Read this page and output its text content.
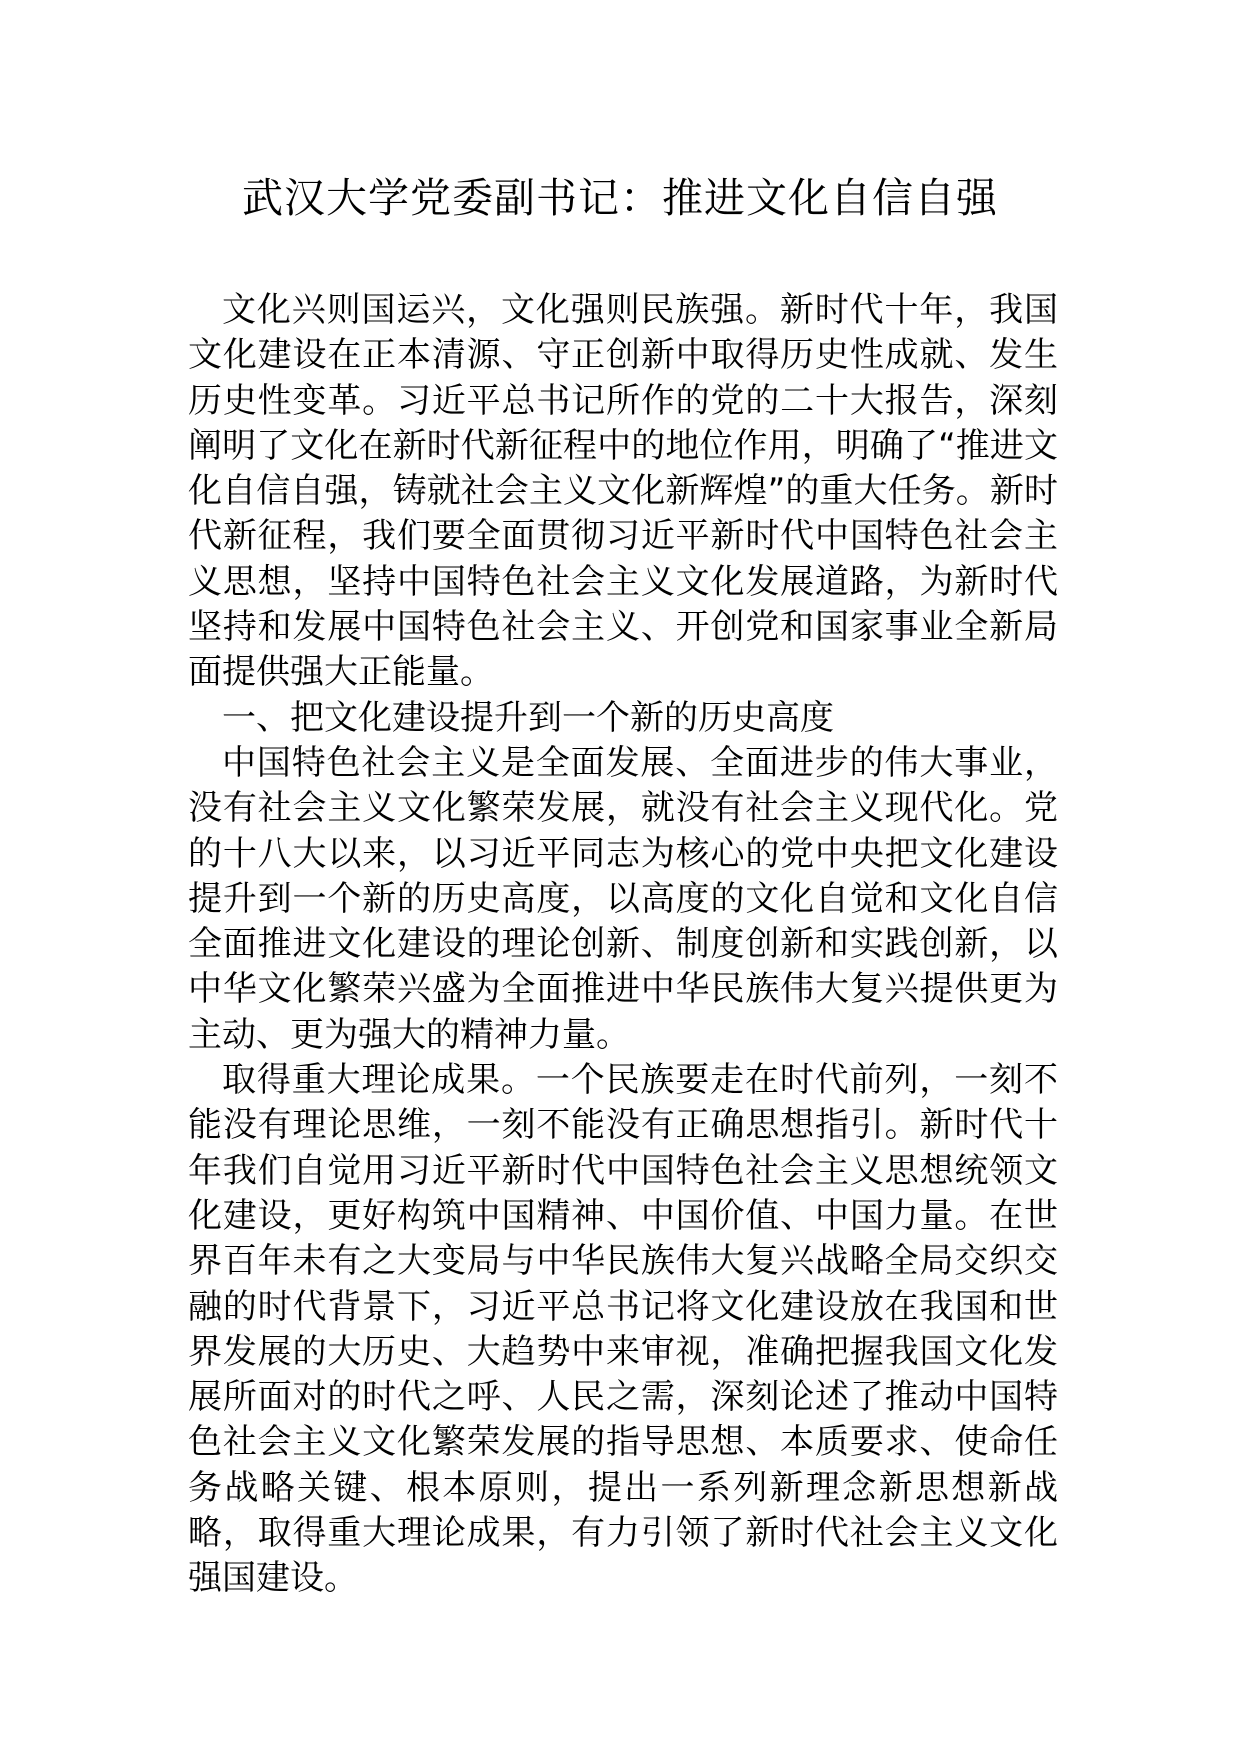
武汉大学党委副书记：推进文化自信自强

文化兴则国运兴，文化强则民族强。新时代十年，我国文化建设在正本清源、守正创新中取得历史性成就、发生历史性变革。习近平总书记所作的党的二十大报告，深刻阐明了文化在新时代新征程中的地位作用，明确了“推进文化自信自强，铸就社会主义文化新辉煌”的重大任务。新时代新征程，我们要全面贯彻习近平新时代中国特色社会主义思想，坚持中国特色社会主义文化发展道路，为新时代坚持和发展中国特色社会主义、开创党和国家事业全新局面提供强大正能量。

一、把文化建设提升到一个新的历史高度

中国特色社会主义是全面发展、全面进步的伟大事业，没有社会主义文化繁荣发展，就没有社会主义现代化。党的十八大以来，以习近平同志为核心的党中央把文化建设提升到一个新的历史高度，以高度的文化自觉和文化自信全面推进文化建设的理论创新、制度创新和实践创新，以中华文化繁荣兴盛为全面推进中华民族伟大复兴提供更为主动、更为强大的精神力量。

取得重大理论成果。一个民族要走在时代前列，一刻不能没有理论思维，一刻不能没有正确思想指引。新时代十年我们自觉用习近平新时代中国特色社会主义思想统领文化建设，更好构筑中国精神、中国价值、中国力量。在世界百年未有之大变局与中华民族伟大复兴战略全局交织交融的时代背景下，习近平总书记将文化建设放在我国和世界发展的大历史、大趋势中来审视，准确把握我国文化发展所面对的时代之呼、人民之需，深刻论述了推动中国特色社会主义文化繁荣发展的指导思想、本质要求、使命任务战略关键、根本原则，提出一系列新理念新思想新战略，取得重大理论成果，有力引领了新时代社会主义文化强国建设。
